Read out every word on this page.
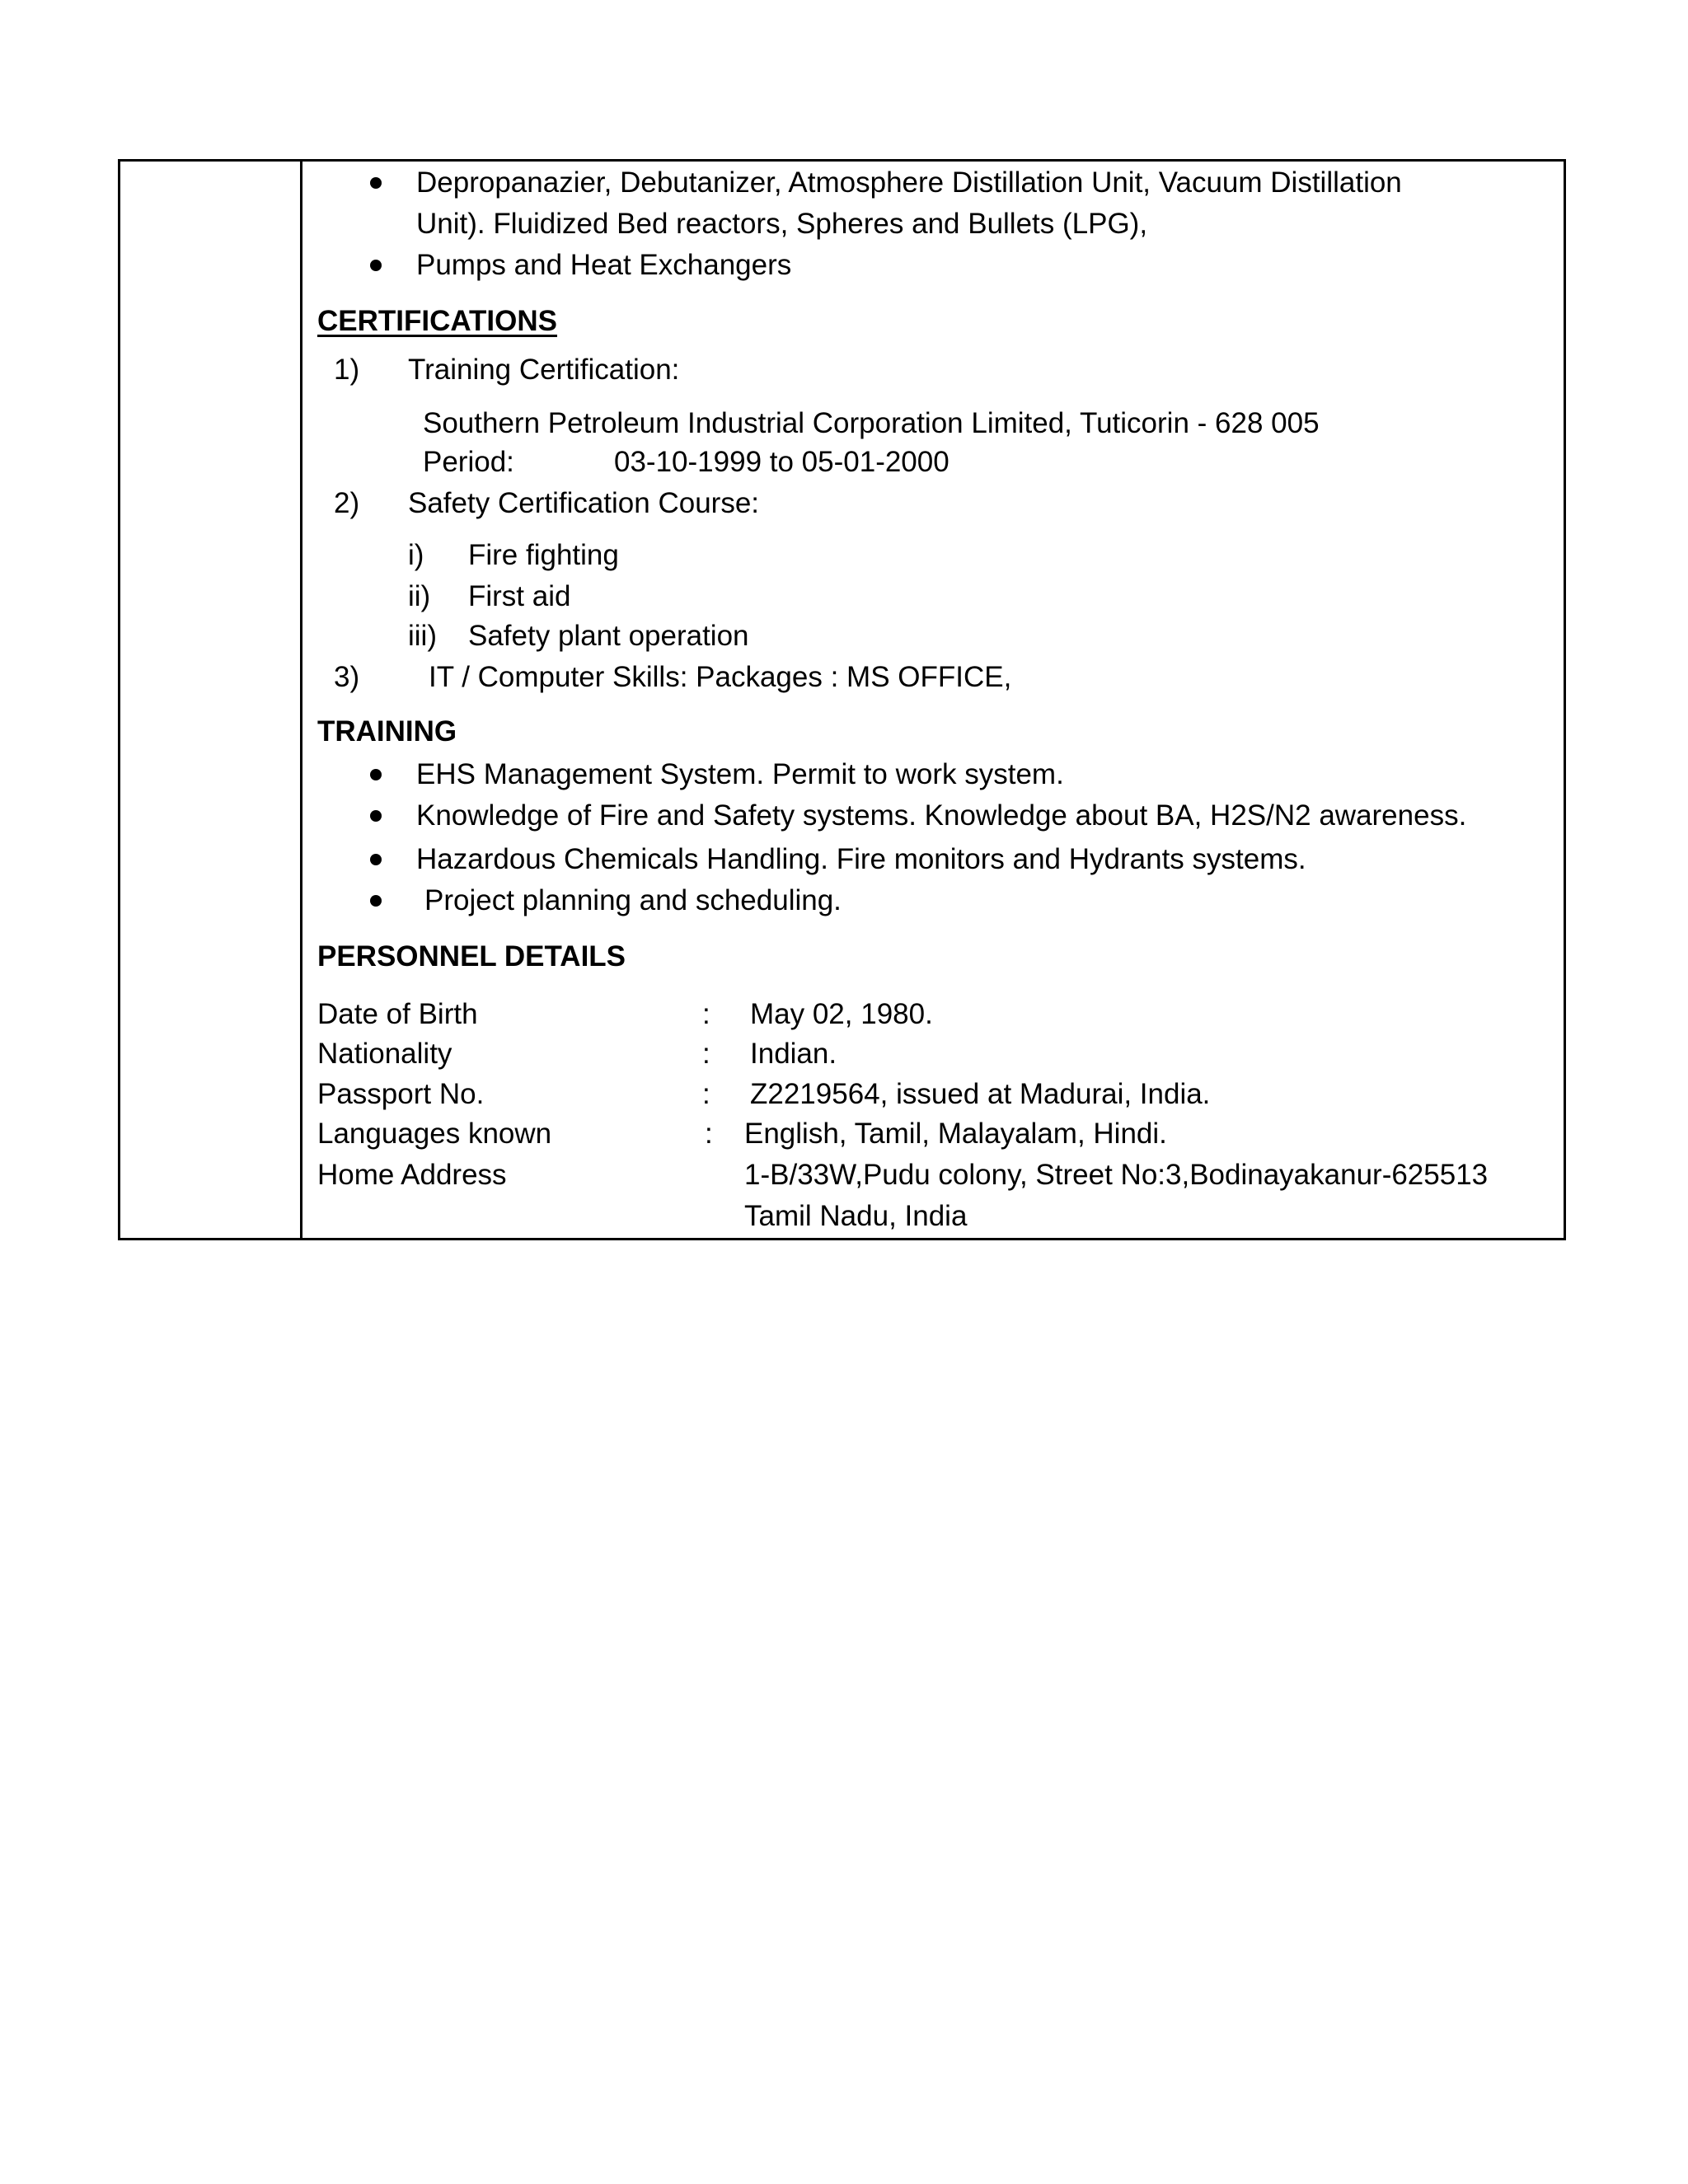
Depropanazier, Debutanizer, Atmosphere Distillation Unit, Vacuum Distillation
Unit). Fluidized Bed reactors, Spheres and Bullets (LPG),
Pumps and Heat Exchangers
CERTIFICATIONS
1) Training Certification:
Southern Petroleum Industrial Corporation Limited, Tuticorin - 628 005
Period:	03-10-1999 to 05-01-2000
2) Safety Certification Course:
i) Fire fighting
ii) First aid
iii) Safety plant operation
3) IT / Computer Skills: Packages : MS OFFICE,
TRAINING
EHS Management System. Permit to work system.
Knowledge of Fire and Safety systems. Knowledge about BA, H2S/N2 awareness.
Hazardous Chemicals Handling. Fire monitors and Hydrants systems.
Project planning and scheduling.
PERSONNEL DETAILS
Date of Birth	: May 02, 1980.
Nationality	: Indian.
Passport No.	: Z2219564, issued at Madurai, India.
Languages known	: English, Tamil, Malayalam, Hindi.
Home Address	1-B/33W,Pudu colony, Street No:3,Bodinayakanur-625513
Tamil Nadu, India
